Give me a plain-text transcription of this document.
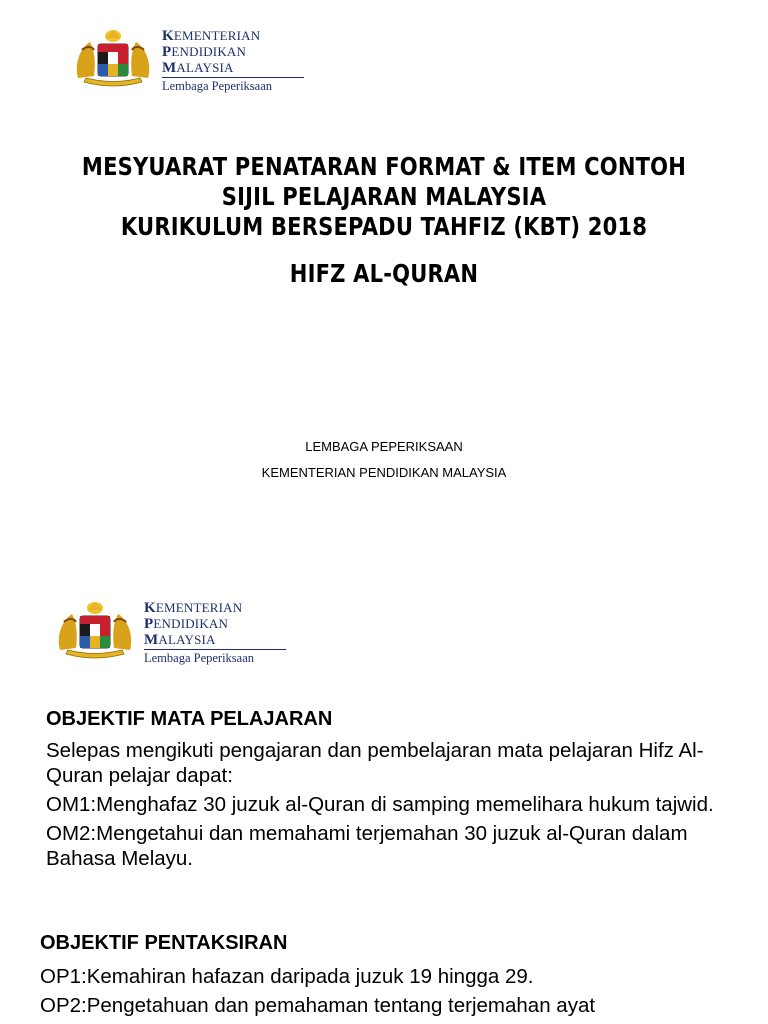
KEMENTERIAN
PENDIDIKAN
MALAYSIA
Lembaga Peperiksaan
MESYUARAT PENATARAN FORMAT & ITEM CONTOH
SIJIL PELAJARAN MALAYSIA
KURIKULUM BERSEPADU TAHFIZ (KBT) 2018
HIFZ AL-QURAN
LEMBAGA PEPERIKSAAN
KEMENTERIAN PENDIDIKAN MALAYSIA
KEMENTERIAN
PENDIDIKAN
MALAYSIA
Lembaga Peperiksaan
OBJEKTIF MATA PELAJARAN
Selepas mengikuti pengajaran dan pembelajaran mata pelajaran Hifz Al-Quran pelajar dapat:
OM1:Menghafaz 30 juzuk al-Quran di samping memelihara hukum tajwid.
OM2:Mengetahui dan memahami terjemahan 30 juzuk al-Quran dalam Bahasa Melayu.
OBJEKTIF PENTAKSIRAN
OP1:Kemahiran hafazan daripada juzuk 19 hingga 29.
OP2:Pengetahuan dan pemahaman tentang terjemahan ayat
